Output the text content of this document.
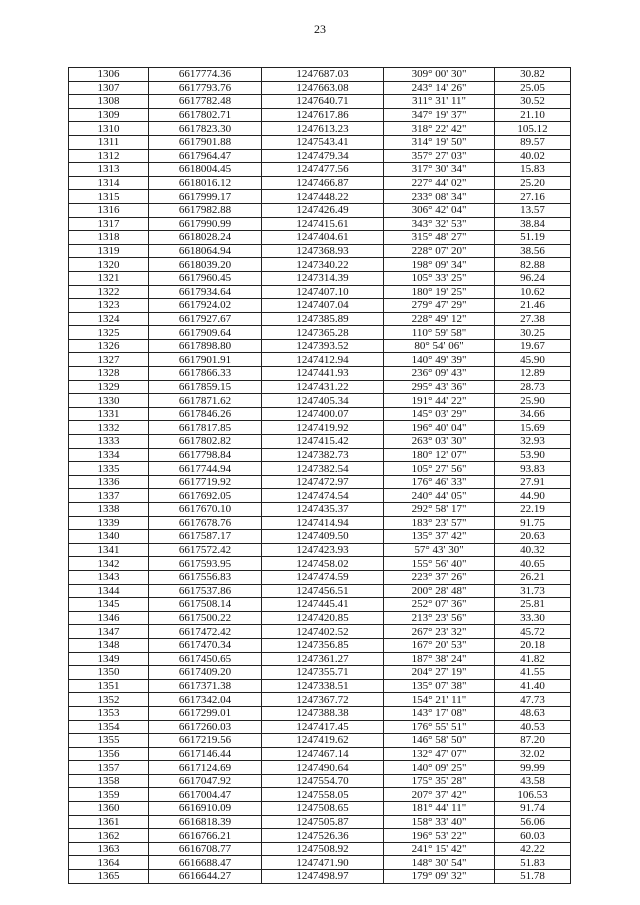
23
1306	6617774.36	1247687.03	309° 00' 30"	30.82
1307	6617793.76	1247663.08	243° 14' 26"	25.05
1308	6617782.48	1247640.71	311° 31' 11"	30.52
1309	6617802.71	1247617.86	347° 19' 37"	21.10
1310	6617823.30	1247613.23	318° 22' 42"	105.12
1311	6617901.88	1247543.41	314° 19' 50"	89.57
1312	6617964.47	1247479.34	357° 27' 03"	40.02
1313	6618004.45	1247477.56	317° 30' 34"	15.83
1314	6618016.12	1247466.87	227° 44' 02"	25.20
1315	6617999.17	1247448.22	233° 08' 34"	27.16
1316	6617982.88	1247426.49	306° 42' 04"	13.57
1317	6617990.99	1247415.61	343° 32' 53"	38.84
1318	6618028.24	1247404.61	315° 48' 27"	51.19
1319	6618064.94	1247368.93	228° 07' 20"	38.56
1320	6618039.20	1247340.22	198° 09' 34"	82.88
1321	6617960.45	1247314.39	105° 33' 25"	96.24
1322	6617934.64	1247407.10	180° 19' 25"	10.62
1323	6617924.02	1247407.04	279° 47' 29"	21.46
1324	6617927.67	1247385.89	228° 49' 12"	27.38
1325	6617909.64	1247365.28	110° 59' 58"	30.25
1326	6617898.80	1247393.52	80° 54' 06"	19.67
1327	6617901.91	1247412.94	140° 49' 39"	45.90
1328	6617866.33	1247441.93	236° 09' 43"	12.89
1329	6617859.15	1247431.22	295° 43' 36"	28.73
1330	6617871.62	1247405.34	191° 44' 22"	25.90
1331	6617846.26	1247400.07	145° 03' 29"	34.66
1332	6617817.85	1247419.92	196° 40' 04"	15.69
1333	6617802.82	1247415.42	263° 03' 30"	32.93
1334	6617798.84	1247382.73	180° 12' 07"	53.90
1335	6617744.94	1247382.54	105° 27' 56"	93.83
1336	6617719.92	1247472.97	176° 46' 33"	27.91
1337	6617692.05	1247474.54	240° 44' 05"	44.90
1338	6617670.10	1247435.37	292° 58' 17"	22.19
1339	6617678.76	1247414.94	183° 23' 57"	91.75
1340	6617587.17	1247409.50	135° 37' 42"	20.63
1341	6617572.42	1247423.93	57° 43' 30"	40.32
1342	6617593.95	1247458.02	155° 56' 40"	40.65
1343	6617556.83	1247474.59	223° 37' 26"	26.21
1344	6617537.86	1247456.51	200° 28' 48"	31.73
1345	6617508.14	1247445.41	252° 07' 36"	25.81
1346	6617500.22	1247420.85	213° 23' 56"	33.30
1347	6617472.42	1247402.52	267° 23' 32"	45.72
1348	6617470.34	1247356.85	167° 20' 53"	20.18
1349	6617450.65	1247361.27	187° 38' 24"	41.82
1350	6617409.20	1247355.71	204° 27' 19"	41.55
1351	6617371.38	1247338.51	135° 07' 38"	41.40
1352	6617342.04	1247367.72	154° 21' 11"	47.73
1353	6617299.01	1247388.38	143° 17' 08"	48.63
1354	6617260.03	1247417.45	176° 55' 51"	40.53
1355	6617219.56	1247419.62	146° 58' 50"	87.20
1356	6617146.44	1247467.14	132° 47' 07"	32.02
1357	6617124.69	1247490.64	140° 09' 25"	99.99
1358	6617047.92	1247554.70	175° 35' 28"	43.58
1359	6617004.47	1247558.05	207° 37' 42"	106.53
1360	6616910.09	1247508.65	181° 44' 11"	91.74
1361	6616818.39	1247505.87	158° 33' 40"	56.06
1362	6616766.21	1247526.36	196° 53' 22"	60.03
1363	6616708.77	1247508.92	241° 15' 42"	42.22
1364	6616688.47	1247471.90	148° 30' 54"	51.83
1365	6616644.27	1247498.97	179° 09' 32"	51.78
